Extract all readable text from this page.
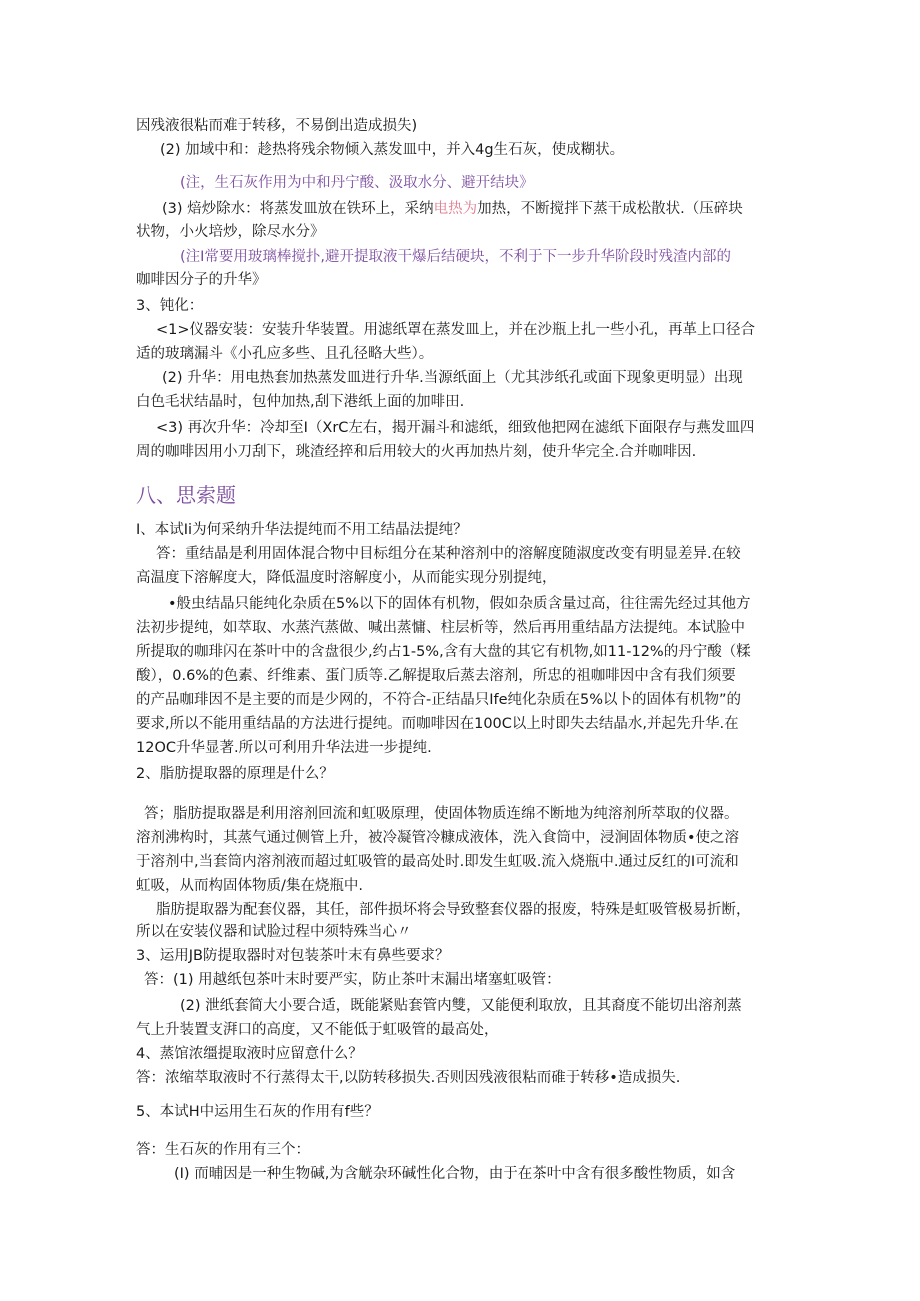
因残液很粘而难于转移，不易倒出造成损失)
(2) 加域中和：趁热将残余物倾入蒸发皿中，并入4g生石灰，使成糊状。
(注，生石灰作用为中和丹宁酸、汲取水分、避开结块》
(3) 焙炒除水：将蒸发皿放在铁环上，采纳电热为加热，不断搅拌下蒸干成松散状.（压碎块
状物，小火培炒，除尽水分》
(注I常要用玻璃棒搅扑,避开提取液干爆后结硬块，不利于下一步升华阶段时残渣内部的
咖啡因分子的升华》
3、钝化：
<1>仪器安装：安装升华装置。用滤纸罩在蒸发皿上，并在沙瓶上扎一些小孔，再革上口径合
适的玻璃漏斗《小孔应多些、且孔径略大些）。
(2) 升华：用电热套加热蒸发皿进行升华.当源纸面上（尤其涉纸孔或面下现象更明显）出现
白色毛状结晶时，包仲加热,刮下港纸上面的加啡田.
<3) 再次升华：冷却至I（XrC左右，揭开漏斗和滤纸，细致他把网在滤纸下面限存与燕发皿四
周的咖啡因用小刀刮下，珧渣经捽和后用较大的火再加热片刻，使升华完全.合并咖啡因.
八、思索题
I、本试Ii为何采纳升华法提纯而不用工结晶法提纯？
答：重结晶是利用固体混合物中目标组分在某种溶剂中的溶解度随淑度改变有明显差异.在较
高温度下溶解度大，降低温度时溶解度小，从而能实现分别提纯，
•般虫结晶只能纯化杂质在5%以下的固体有机物，假如杂质含量过高，往往需先经过其他方
法初步提纯，如萃取、水蒸汽蒸做、喊出蒸慵、柱层析等，然后再用重结晶方法提纯。本试脸中
所提取的咖琲闪在茶叶中的含盘很少,约占1-5%,含有大盘的其它有机物,如11-12%的丹宁酸（糅
酸），0.6%的色素、纤维素、蛋门质等.乙解提取后蒸去溶剂，所忠的祖咖啡因中含有我们须要
的产品咖琲因不是主要的而是少网的，不符合-正结晶只Ife纯化杂质在5%以卜的固体有机物”的
要求,所以不能用重结晶的方法进行提纯。而咖啡因在100C以上时即失去结晶水,并起先升华.在
12OC升华显著.所以可利用升华法进一步提纯.
2、脂肪提取器的原理是什么？
答；脂肪提取器是利用溶剂回流和虹吸原理，使固体物质连绵不断地为纯溶剂所萃取的仪器。
溶剂沸构时，其蒸气通过侧管上升，被冷凝管冷糠成液体，洗入食筒中，浸涧固体物质•使之溶
于溶剂中,当套筒内溶剂液而超过虹吸管的最高处时.即发生虹吸.流入烧瓶中.通过反红的I可流和
虹吸，从而构固体物质/集在烧瓶中.
脂肪提取器为配套仪器，其任，部件损坏将会导致整套仪器的报废，特殊是虹吸管极易折断，
所以在安装仪器和试脸过程中须特殊当心〃
3、运用JB防提取器时对包装茶叶末有鼻些要求？
答：(1) 用越纸包茶叶末时要严实，防止茶叶末漏出堵塞虹吸管：
(2) 泄纸套简大小要合适，既能紧贴套管内雙，又能便利取放，且其裔度不能切出溶剂蒸
气上升装置支湃口的高度，又不能低于虹吸管的最高处，
4、蒸馆浓缰提取液时应留意什么？
答：浓缩萃取液时不行蒸得太干,以防转移损失.否则因残液很粘而碓于转移•造成损失.
5、本试H中运用生石灰的作用有f些？
答：生石灰的作用有三个：
(I) 而晡因是一种生物碱,为含觥杂环碱性化合物，由于在茶叶中含有很多酸性物质，如含
